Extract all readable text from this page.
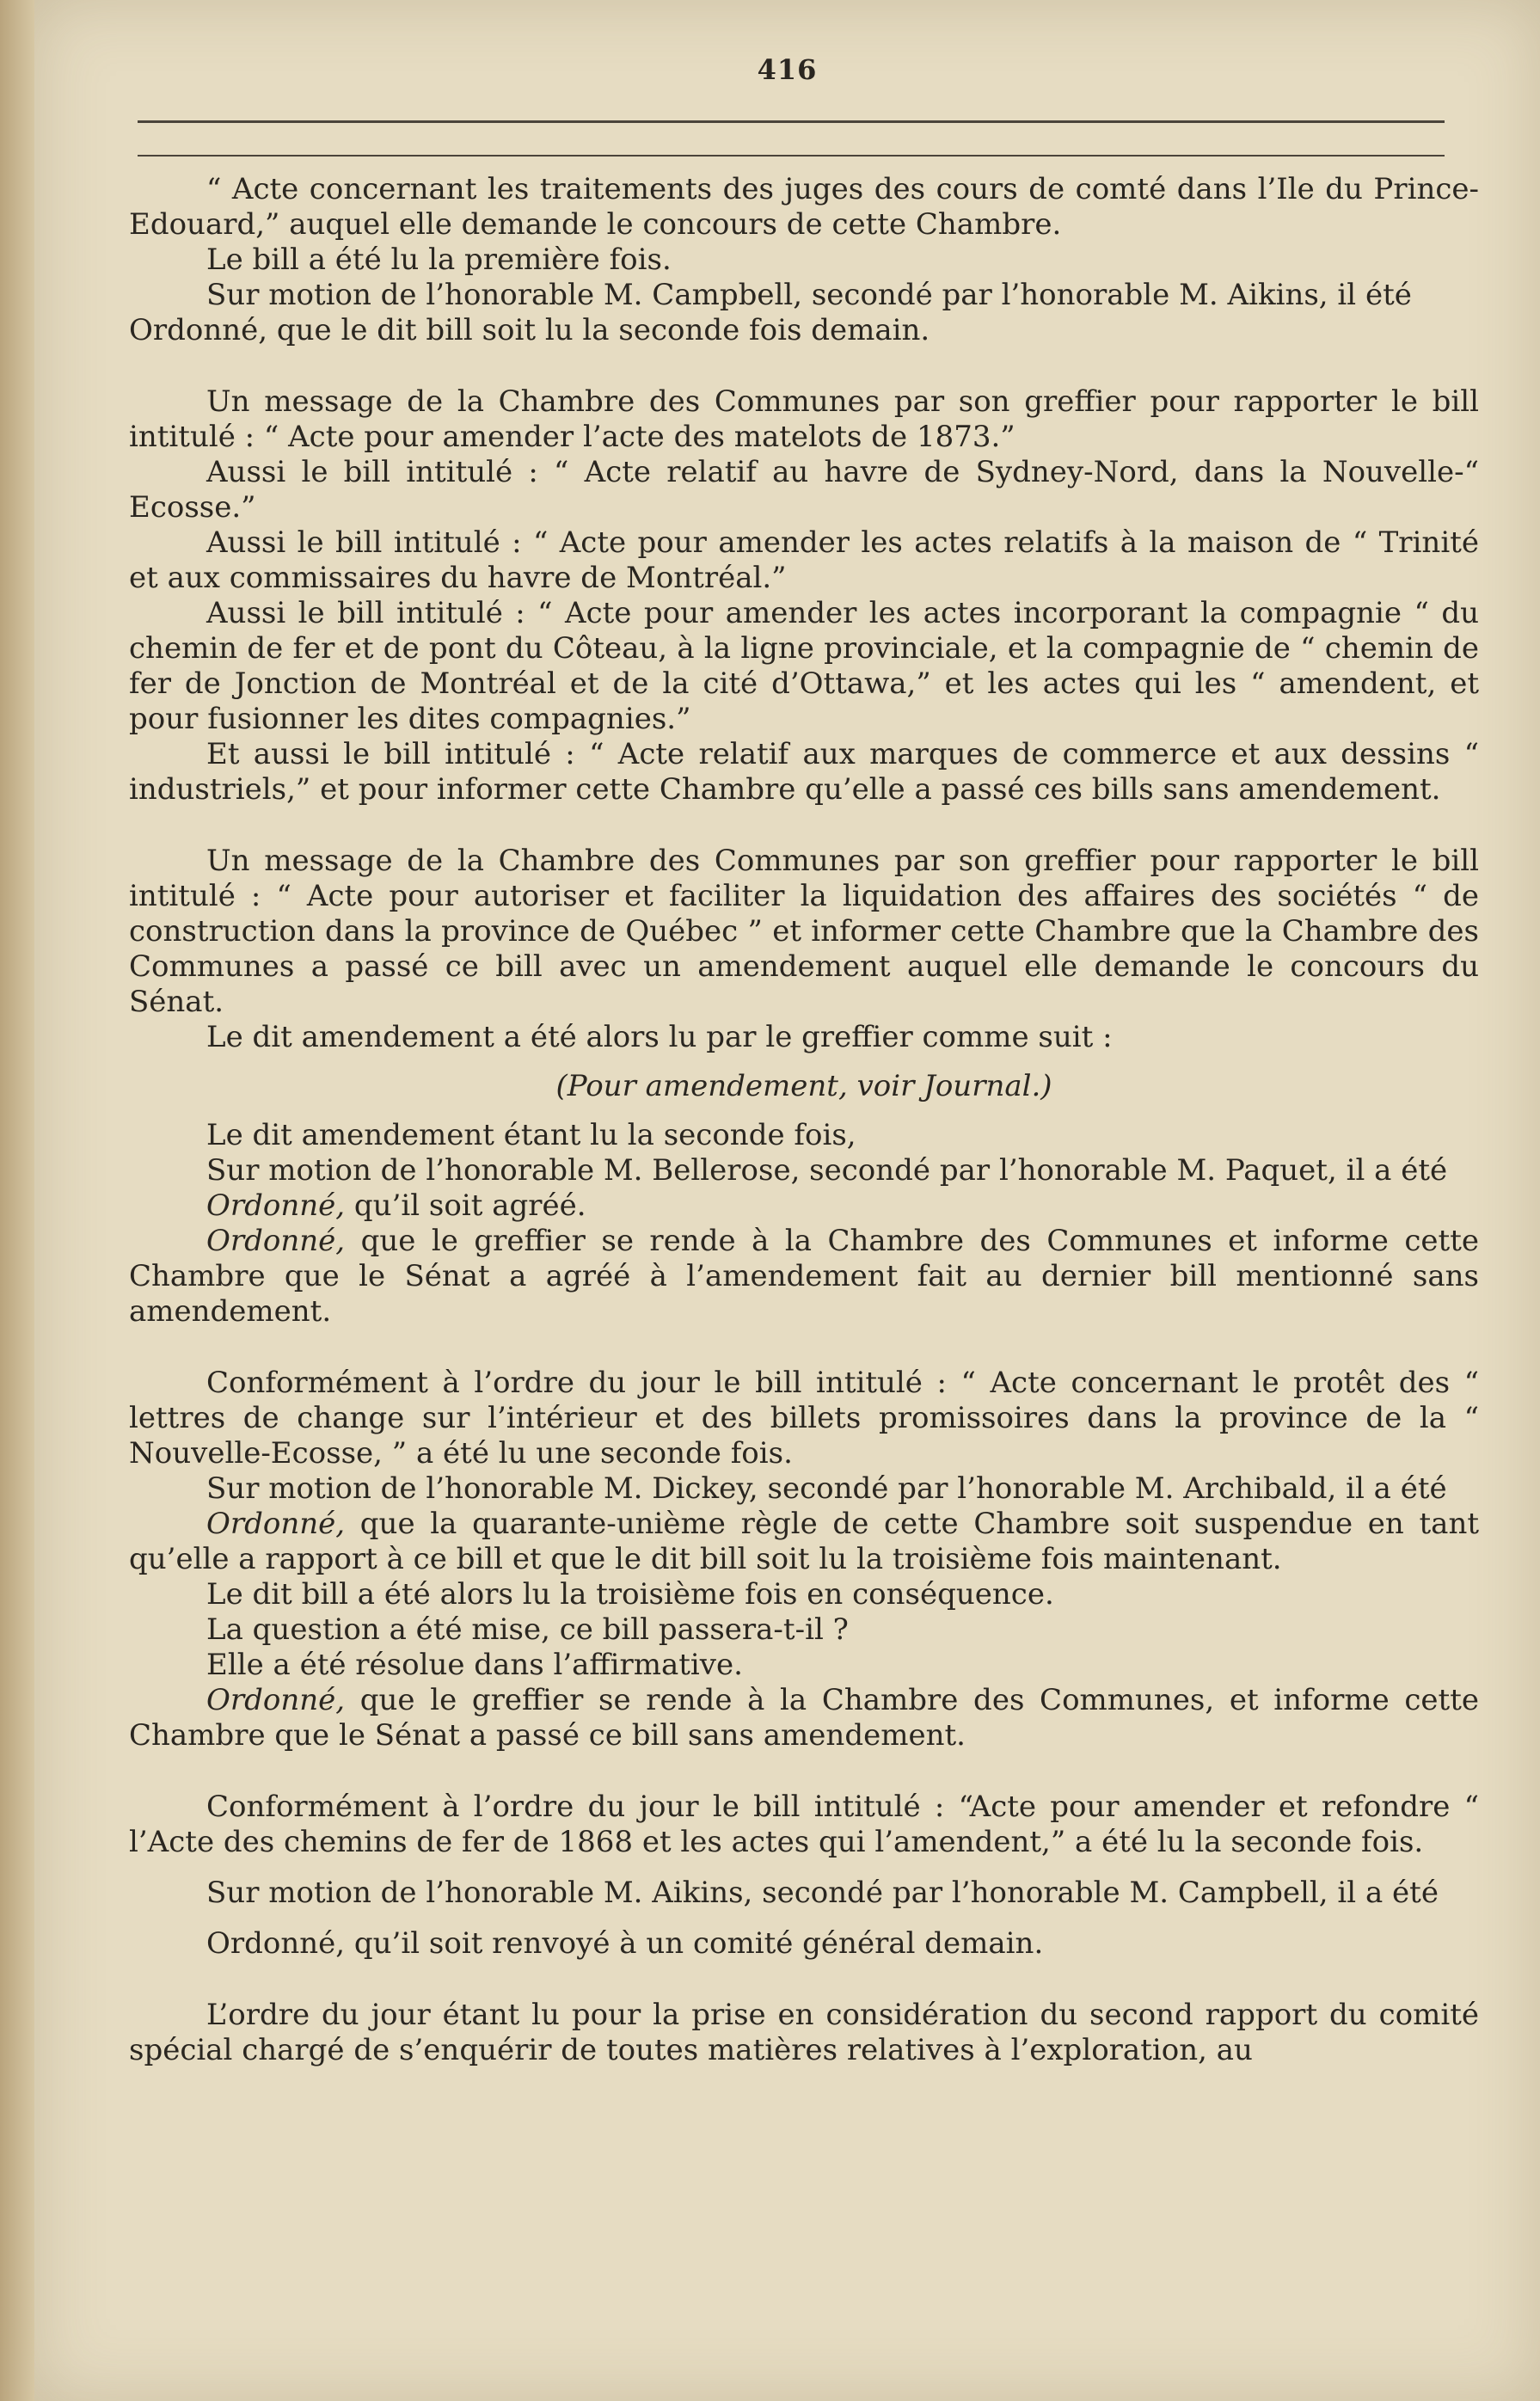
416

“ Acte concernant les traitements des juges des cours de comté dans l’Ile du Prince-Edouard,” auquel elle demande le concours de cette Chambre.

Le bill a été lu la première fois.

Sur motion de l’honorable M. Campbell, secondé par l’honorable M. Aikins, il été

Ordonné, que le dit bill soit lu la seconde fois demain.

Un message de la Chambre des Communes par son greffier pour rapporter le bill intitulé : “ Acte pour amender l’acte des matelots de 1873.”

Aussi le bill intitulé : “ Acte relatif au havre de Sydney-Nord, dans la Nouvelle-“ Ecosse.”

Aussi le bill intitulé : “ Acte pour amender les actes relatifs à la maison de “ Trinité et aux commissaires du havre de Montréal.”

Aussi le bill intitulé : “ Acte pour amender les actes incorporant la compagnie “ du chemin de fer et de pont du Côteau, à la ligne provinciale, et la compagnie de “ chemin de fer de Jonction de Montréal et de la cité d’Ottawa,” et les actes qui les “ amendent, et pour fusionner les dites compagnies.”

Et aussi le bill intitulé : “ Acte relatif aux marques de commerce et aux dessins “ industriels,” et pour informer cette Chambre qu’elle a passé ces bills sans amendement.

Un message de la Chambre des Communes par son greffier pour rapporter le bill intitulé : “ Acte pour autoriser et faciliter la liquidation des affaires des sociétés “ de construction dans la province de Québec ” et informer cette Chambre que la Chambre des Communes a passé ce bill avec un amendement auquel elle demande le concours du Sénat.

Le dit amendement a été alors lu par le greffier comme suit :

(Pour amendement, voir Journal.)

Le dit amendement étant lu la seconde fois,

Sur motion de l’honorable M. Bellerose, secondé par l’honorable M. Paquet, il a été

Ordonné, qu’il soit agréé.

Ordonné, que le greffier se rende à la Chambre des Communes et informe cette Chambre que le Sénat a agréé à l’amendement fait au dernier bill mentionné sans amendement.

Conformément à l’ordre du jour le bill intitulé : “ Acte concernant le protêt des “ lettres de change sur l’intérieur et des billets promissoires dans la province de la “ Nouvelle-Ecosse, ” a été lu une seconde fois.

Sur motion de l’honorable M. Dickey, secondé par l’honorable M. Archibald, il a été

Ordonné, que la quarante-unième règle de cette Chambre soit suspendue en tant qu’elle a rapport à ce bill et que le dit bill soit lu la troisième fois maintenant.

Le dit bill a été alors lu la troisième fois en conséquence.

La question a été mise, ce bill passera-t-il ?

Elle a été résolue dans l’affirmative.

Ordonné, que le greffier se rende à la Chambre des Communes, et informe cette Chambre que le Sénat a passé ce bill sans amendement.

Conformément à l’ordre du jour le bill intitulé : “Acte pour amender et refondre “ l’Acte des chemins de fer de 1868 et les actes qui l’amendent,” a été lu la seconde fois.

Sur motion de l’honorable M. Aikins, secondé par l’honorable M. Campbell, il a été

Ordonné, qu’il soit renvoyé à un comité général demain.

L’ordre du jour étant lu pour la prise en considération du second rapport du comité spécial chargé de s’enquérir de toutes matières relatives à l’exploration, au
